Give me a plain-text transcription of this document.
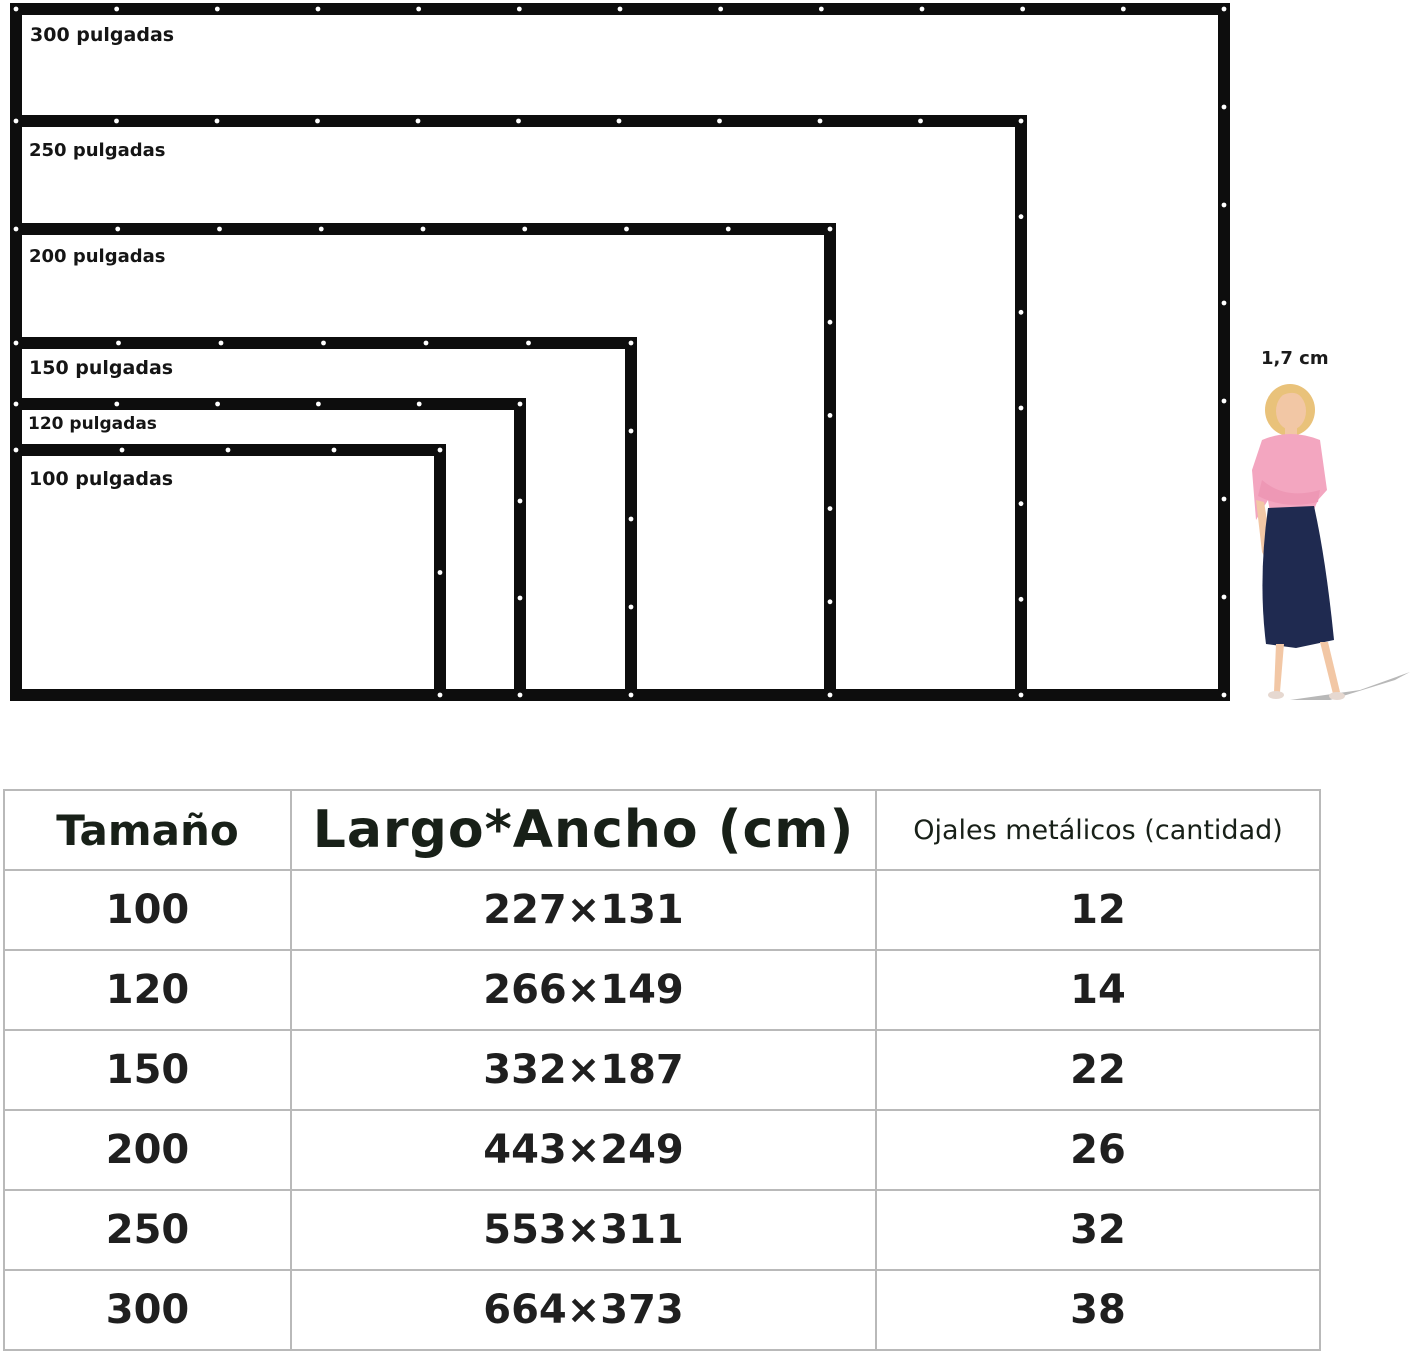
300 pulgadas
250 pulgadas
200 pulgadas
150 pulgadas
120 pulgadas
100 pulgadas
1,7 cm
Tamaño	Largo*Ancho (cm)	Ojales metálicos (cantidad)
100	227×131	12
120	266×149	14
150	332×187	22
200	443×249	26
250	553×311	32
300	664×373	38
